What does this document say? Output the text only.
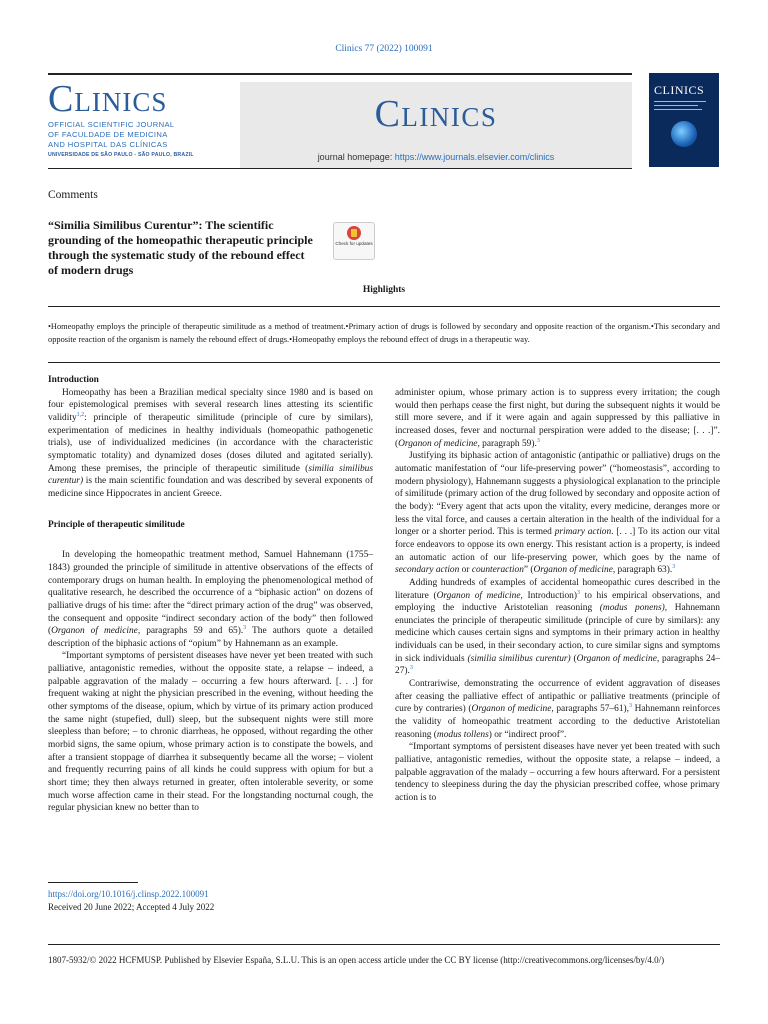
Clinics 77 (2022) 100091
Clinics
OFFICIAL SCIENTIFIC JOURNAL
OF FACULDADE DE MEDICINA
AND HOSPITAL DAS CLÍNICAS
UNIVERSIDADE DE SÃO PAULO - SÃO PAULO, BRAZIL
Clinics
journal homepage: https://www.journals.elsevier.com/clinics
CLINICS
Comments
“Similia Similibus Curentur”: The scientific grounding of the homeopathic therapeutic principle through the systematic study of the rebound effect of modern drugs
Check for updates
Highlights
•Homeopathy employs the principle of therapeutic similitude as a method of treatment.•Primary action of drugs is followed by secondary and opposite reaction of the organism.•This secondary and opposite reaction of the organism is namely the rebound effect of drugs.•Homeopathy employs the rebound effect of drugs in a therapeutic way.
Introduction

Homeopathy has been a Brazilian medical specialty since 1980 and is based on four epistemological premises with several research lines attesting its scientific validity$^{1,2}$: principle of therapeutic similitude (principle of cure by similars), experimentation of medicines in healthy individuals (homeopathic pathogenetic trials), use of individualized medicines (in accordance with the characteristic symptomatic totality) and dynamized doses (doses diluted and agitated serially). Among these premises, the principle of therapeutic similitude (similia similibus curentur) is the main scientific foundation and was described by several exponents of medicine since Hippocrates in ancient Greece.

Principle of therapeutic similitude

In developing the homeopathic treatment method, Samuel Hahnemann (1755–1843) grounded the principle of similitude in attentive observations of the effects of contemporary drugs on human health. In employing the phenomenological method of qualitative research, he described the occurrence of a “biphasic action” on dozens of palliative drugs of his time: after the “direct primary action of the drug” was observed, the consequent and opposite “indirect secondary action of the body” then followed (Organon of medicine, paragraphs 59 and 65).$^3$ The authors quote a detailed description of the biphasic actions of “opium” by Hahnemann as an example.

“Important symptoms of persistent diseases have never yet been treated with such palliative, antagonistic remedies, without the opposite state, a relapse – indeed, a palpable aggravation of the malady – occurring a few hours afterward. [. . .] for frequent waking at night the physician prescribed in the evening, without heeding the other symptoms of the disease, opium, which by virtue of its primary action produced the same night (stupefied, dull) sleep, but the subsequent nights were still more sleepless than before; – to chronic diarrheas, he opposed, without regarding the other morbid signs, the same opium, whose primary action is to constipate the bowels, and after a transient stoppage of diarrhea it subsequently became all the worse; – violent and frequently recurring pains of all kinds he could suppress with opium for but a short time; they then always returned in greater, often intolerable severity, or some much worse affection came in their stead. For the longstanding nocturnal cough, the regular physician knew no better than to

administer opium, whose primary action is to suppress every irritation; the cough would then perhaps cease the first night, but during the subsequent nights it would be still more severe, and if it were again and again suppressed by this palliative in increased doses, fever and nocturnal perspiration were added to the disease; [. . .]”. (Organon of medicine, paragraph 59).$^3$

Justifying its biphasic action of antagonistic (antipathic or palliative) drugs on the automatic manifestation of “our life-preserving power” (“homeostasis”, according to modern physiology), Hahnemann suggests a physiological explanation to the principle of similitude (primary action of the drug followed by secondary and opposite action of the body): “Every agent that acts upon the vitality, every medicine, deranges more or less the vital force, and causes a certain alteration in the health of the individual for a longer or a shorter period. This is termed primary action. [. . .] To its action our vital force endeavors to oppose its own energy. This resistant action is a property, is indeed an automatic action of our life-preserving power, which goes by the name of secondary action or counteraction” (Organon of medicine, paragraph 63).$^3$

Adding hundreds of examples of accidental homeopathic cures described in the literature (Organon of medicine, Introduction)$^3$ to his empirical observations, and employing the inductive Aristotelian reasoning (modus ponens), Hahnemann enunciates the principle of therapeutic similitude (principle of cure by similars): any medicine which causes certain signs and symptoms in their primary action in healthy individuals can be used, in their secondary action, to cure similar signs and symptoms in sick individuals (similia similibus curentur) (Organon of medicine, paragraphs 24–27).$^3$

Contrariwise, demonstrating the occurrence of evident aggravation of diseases after ceasing the palliative effect of antipathic or palliative treatments (principle of cure by contraries) (Organon of medicine, paragraphs 57–61),$^3$ Hahnemann reinforces the validity of homeopathic treatment according to the deductive Aristotelian reasoning (modus tollens) or “indirect proof”.

“Important symptoms of persistent diseases have never yet been treated with such palliative, antagonistic remedies, without the opposite state, a relapse – indeed, a palpable aggravation of the malady – occurring a few hours afterward. For a persistent tendency to sleepiness during the day the physician prescribed coffee, whose primary action is to

https://doi.org/10.1016/j.clinsp.2022.100091
Received 20 June 2022; Accepted 4 July 2022
1807-5932/© 2022 HCFMUSP. Published by Elsevier España, S.L.U. This is an open access article under the CC BY license (http://creativecommons.org/licenses/by/4.0/)
